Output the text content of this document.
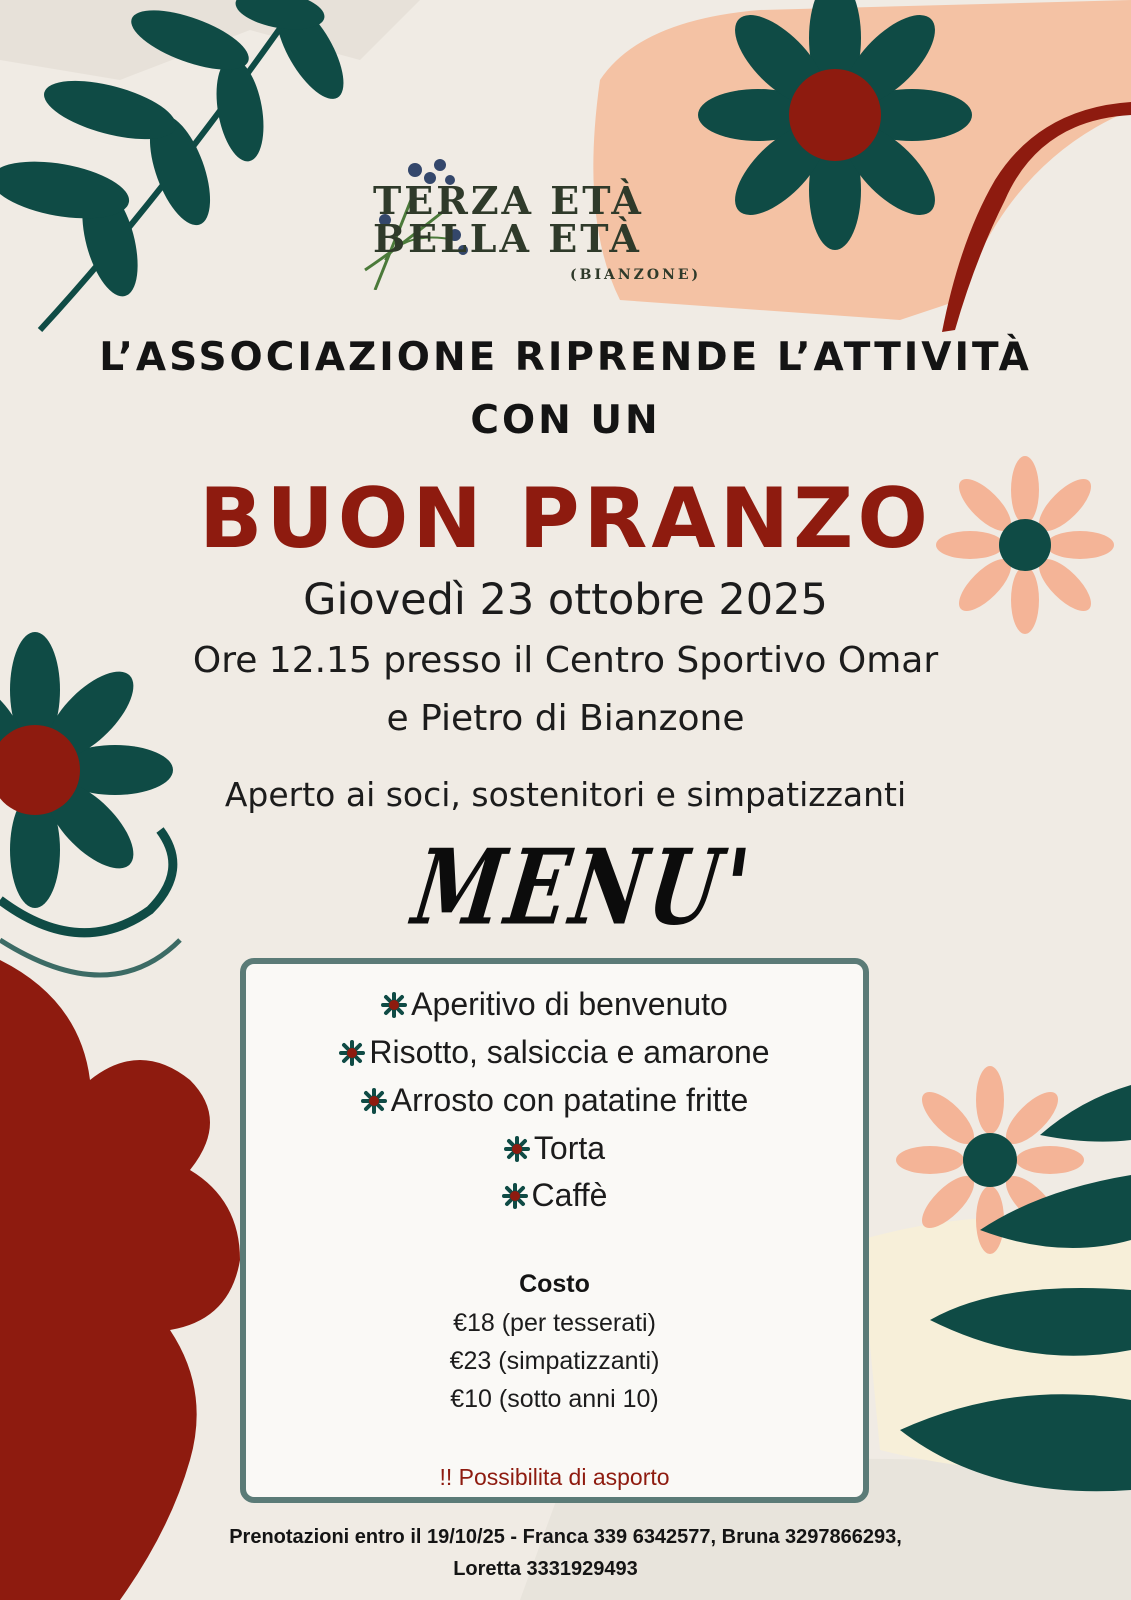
TERZA ETÀ
BELLA ETÀ
(BIANZONE)
L’ASSOCIAZIONE RIPRENDE L’ATTIVITÀ
CON UN
BUON PRANZO
Giovedì 23 ottobre 2025
Ore 12.15 presso il Centro Sportivo Omar
e Pietro di Bianzone
Aperto ai soci, sostenitori e simpatizzanti
MENU'
Aperitivo di benvenuto
Risotto, salsiccia e amarone
Arrosto con patatine fritte
Torta
Caffè
Costo
€18 (per tesserati)
€23 (simpatizzanti)
€10 (sotto anni 10)
!! Possibilita di asporto
Prenotazioni entro il 19/10/25 - Franca 339 6342577, Bruna 3297866293,
Loretta 3331929493
